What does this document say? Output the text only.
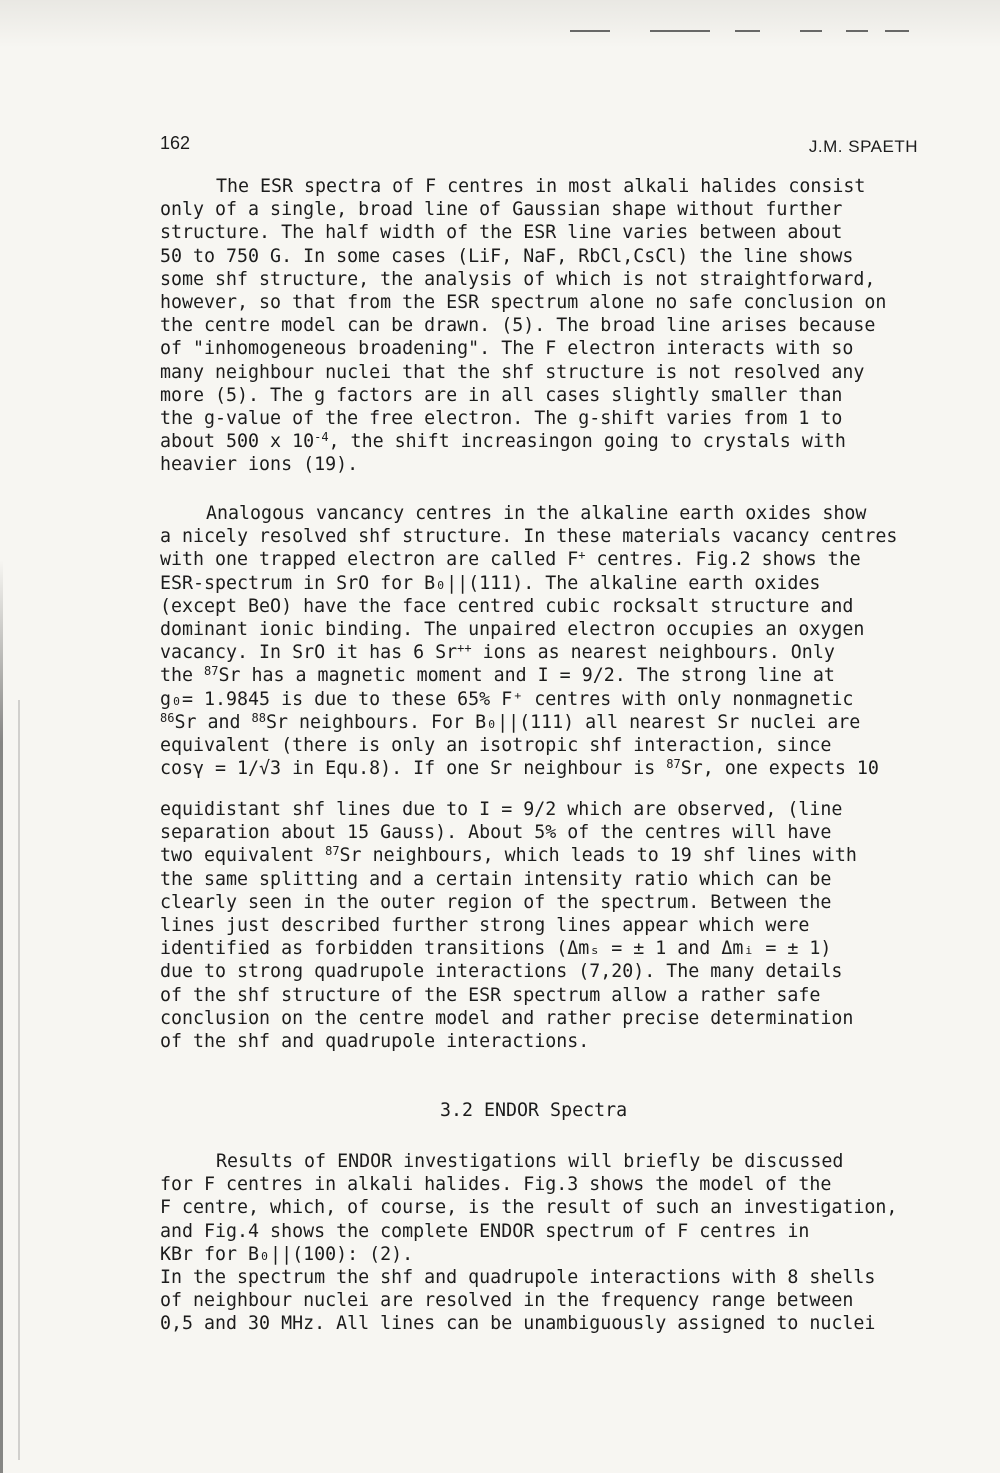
162	J.M. SPAETH
The ESR spectra of F centres in most alkali halides consist
only of a single, broad line of Gaussian shape without further
structure. The half width of the ESR line varies between about
50 to 750 G. In some cases (LiF, NaF, RbCl,CsCl) the line shows
some shf structure, the analysis of which is not straightforward,
however, so that from the ESR spectrum alone no safe conclusion on
the centre model can be drawn. (5). The broad line arises because
of "inhomogeneous broadening". The F electron interacts with so
many neighbour nuclei that the shf structure is not resolved any
more (5). The g factors are in all cases slightly smaller than
the g-value of the free electron. The g-shift varies from 1 to
about 500 x $10^{-4}$, the shift increasingon going to crystals with
heavier ions (19).
Analogous vancancy centres in the alkaline earth oxides show
a nicely resolved shf structure. In these materials vacancy centres
with one trapped electron are called F+ centres. Fig.2 shows the
ESR-spectrum in SrO for B₀||(111). The alkaline earth oxides
(except BeO) have the face centred cubic rocksalt structure and
dominant ionic binding. The unpaired electron occupies an oxygen
vacancy. In SrO it has 6 Sr++ ions as nearest neighbours. Only
the $^{87}$Sr has a magnetic moment and I = 9/2. The strong line at
g₀= 1.9845 is due to these 65% F⁺ centres with only nonmagnetic
$^{86}$Sr and $^{88}$Sr neighbours. For B₀||(111) all nearest Sr nuclei are
equivalent (there is only an isotropic shf interaction, since
cosγ = 1/√3 in Equ.8). If one Sr neighbour is $^{87}$Sr, one expects 10
equidistant shf lines due to I = 9/2 which are observed, (line
separation about 15 Gauss). About 5% of the centres will have
two equivalent $^{87}$Sr neighbours, which leads to 19 shf lines with
the same splitting and a certain intensity ratio which can be
clearly seen in the outer region of the spectrum. Between the
lines just described further strong lines appear which were
identified as forbidden transitions (Δmₛ = ± 1 and Δmᵢ = ± 1)
due to strong quadrupole interactions (7,20). The many details
of the shf structure of the ESR spectrum allow a rather safe
conclusion on the centre model and rather precise determination
of the shf and quadrupole interactions.
3.2 ENDOR Spectra
Results of ENDOR investigations will briefly be discussed
for F centres in alkali halides. Fig.3 shows the model of the
F centre, which, of course, is the result of such an investigation,
and Fig.4 shows the complete ENDOR spectrum of F centres in
KBr for B₀||(100): (2).
In the spectrum the shf and quadrupole interactions with 8 shells
of neighbour nuclei are resolved in the frequency range between
0,5 and 30 MHz. All lines can be unambiguously assigned to nuclei
